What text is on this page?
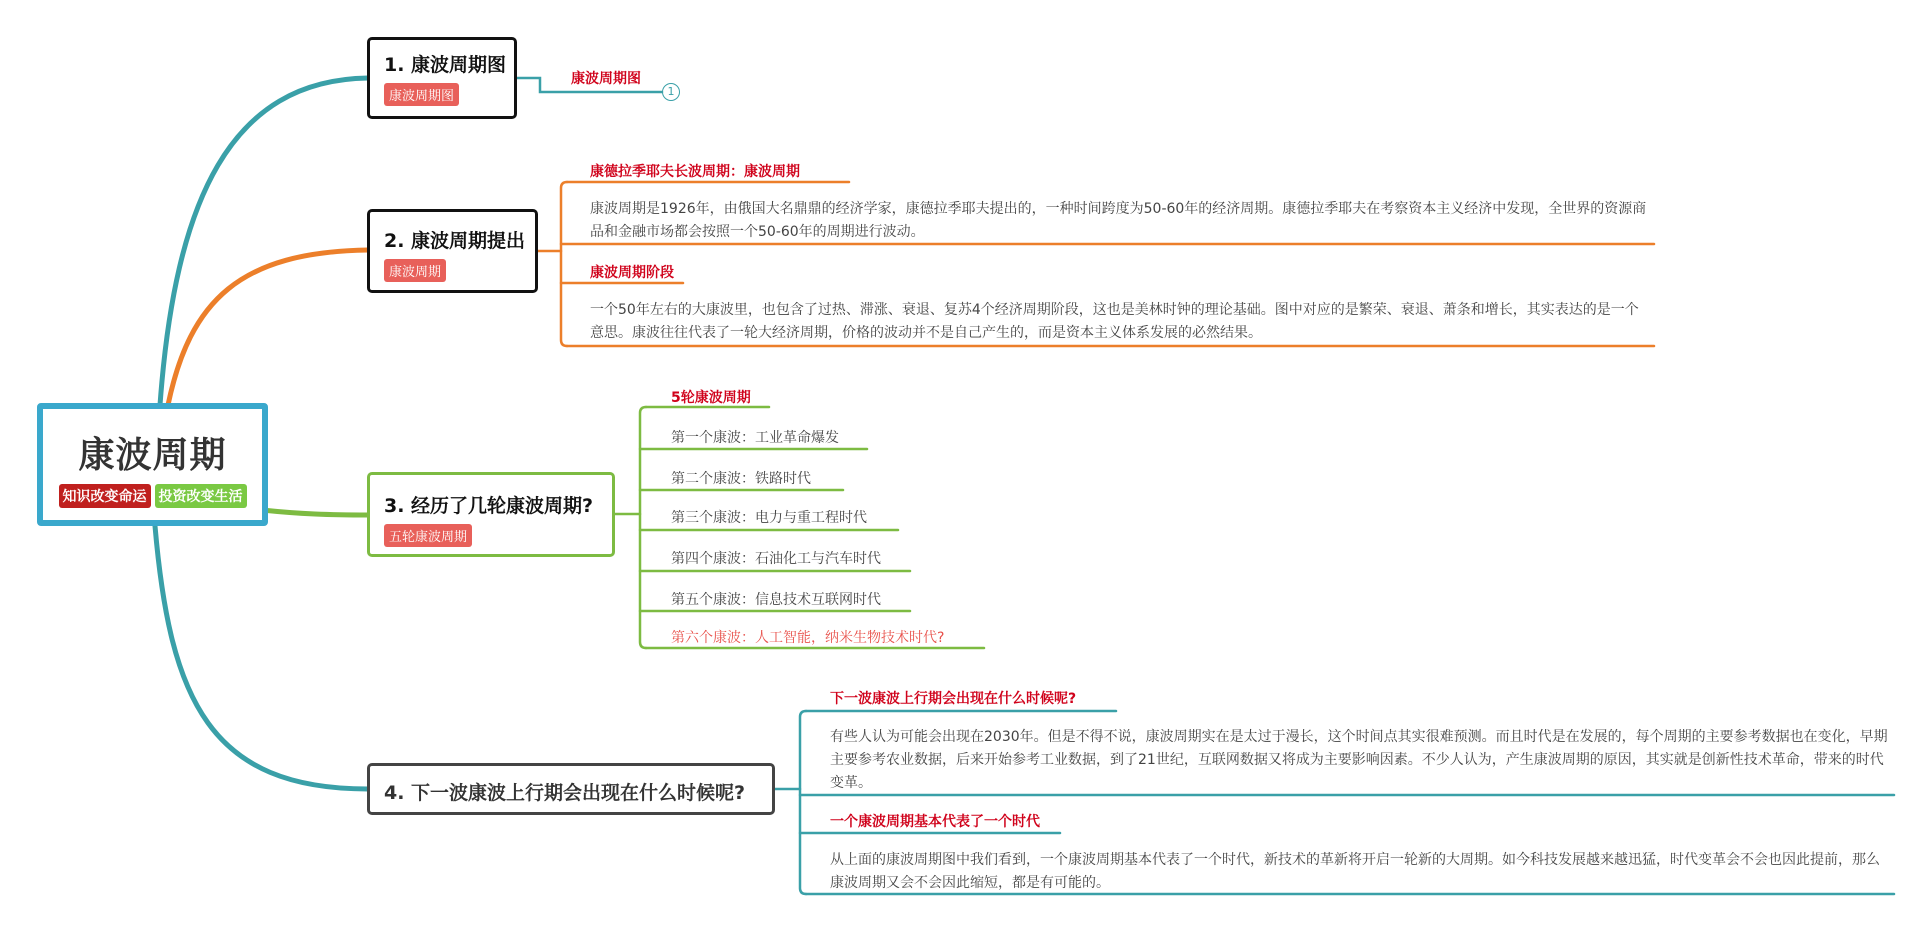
康波周期
知识改变命运 投资改变生活
1. 康波周期图
康波周期图
康波周期图
1
2. 康波周期提出
康波周期
康德拉季耶夫长波周期：康波周期
康波周期是1926年，由俄国大名鼎鼎的经济学家，康德拉季耶夫提出的，一种时间跨度为50-60年的经济周期。康德拉季耶夫在考察资本主义经济中发现，全世界的资源商品和金融市场都会按照一个50-60年的周期进行波动。
康波周期阶段
一个50年左右的大康波里，也包含了过热、滞涨、衰退、复苏4个经济周期阶段，这也是美林时钟的理论基础。图中对应的是繁荣、衰退、萧条和增长，其实表达的是一个意思。康波往往代表了一轮大经济周期，价格的波动并不是自己产生的，而是资本主义体系发展的必然结果。
3. 经历了几轮康波周期?
五轮康波周期
5轮康波周期
第一个康波：工业革命爆发
第二个康波：铁路时代
第三个康波：电力与重工程时代
第四个康波：石油化工与汽车时代
第五个康波：信息技术互联网时代
第六个康波：人工智能，纳米生物技术时代?
4. 下一波康波上行期会出现在什么时候呢?
下一波康波上行期会出现在什么时候呢?
有些人认为可能会出现在2030年。但是不得不说，康波周期实在是太过于漫长，这个时间点其实很难预测。而且时代是在发展的，每个周期的主要参考数据也在变化，早期主要参考农业数据，后来开始参考工业数据，到了21世纪，互联网数据又将成为主要影响因素。不少人认为，产生康波周期的原因，其实就是创新性技术革命，带来的时代变革。
一个康波周期基本代表了一个时代
从上面的康波周期图中我们看到，一个康波周期基本代表了一个时代，新技术的革新将开启一轮新的大周期。如今科技发展越来越迅猛，时代变革会不会也因此提前，那么康波周期又会不会因此缩短，都是有可能的。
